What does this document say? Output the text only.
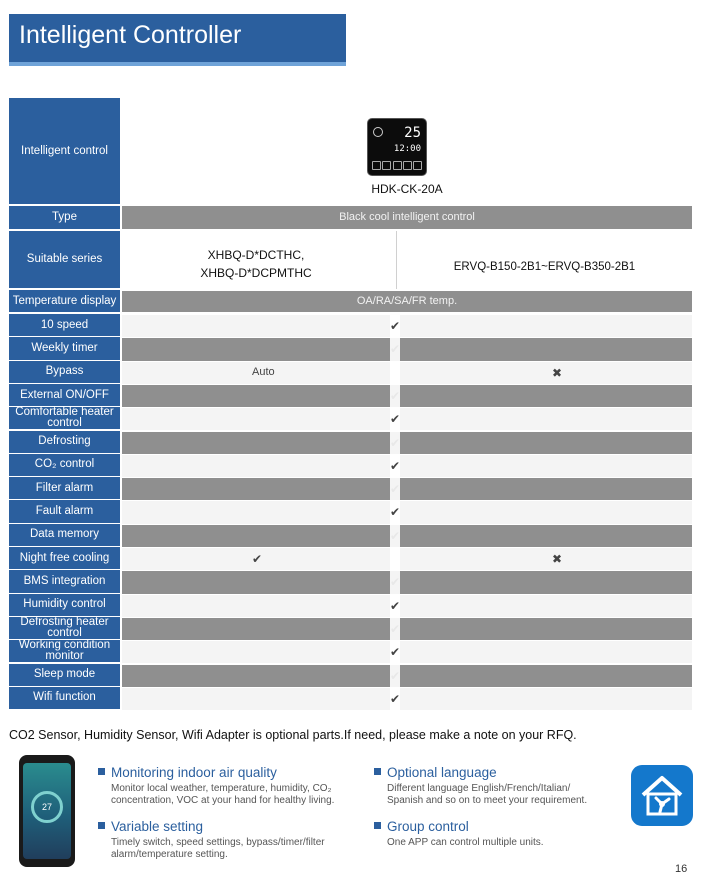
Intelligent Controller
Intelligent control
25
12:00
HDK-CK-20A
Type	Black cool intelligent control
Suitable series	XHBQ-D*DCTHC,
XHBQ-D*DCPMTHC	ERVQ-B150-2B1~ERVQ-B350-2B1
Temperature display	OA/RA/SA/FR temp.
10 speed	✔
Weekly timer	✔
Bypass	Auto	✖
External ON/OFF	✔
Comfortable heater control	✔
Defrosting	✔
CO₂ control	✔
Filter alarm	✔
Fault alarm	✔
Data memory	✔
Night free cooling	✔	✖
BMS integration	✔
Humidity control	✔
Defrosting heater control	✔
Working condition monitor	✔
Sleep mode	✔
Wifi function	✔
CO2 Sensor, Humidity Sensor, Wifi Adapter is optional parts.If need, please make a note on your RFQ.
27
Monitoring indoor air quality
Monitor local weather, temperature, humidity, CO₂
concentration, VOC at your hand for healthy living.
Optional language
Different language English/French/Italian/
Spanish and so on to meet your requirement.
Variable setting
Timely switch, speed settings, bypass/timer/filter
alarm/temperature setting.
Group control
One APP can control multiple units.
16
